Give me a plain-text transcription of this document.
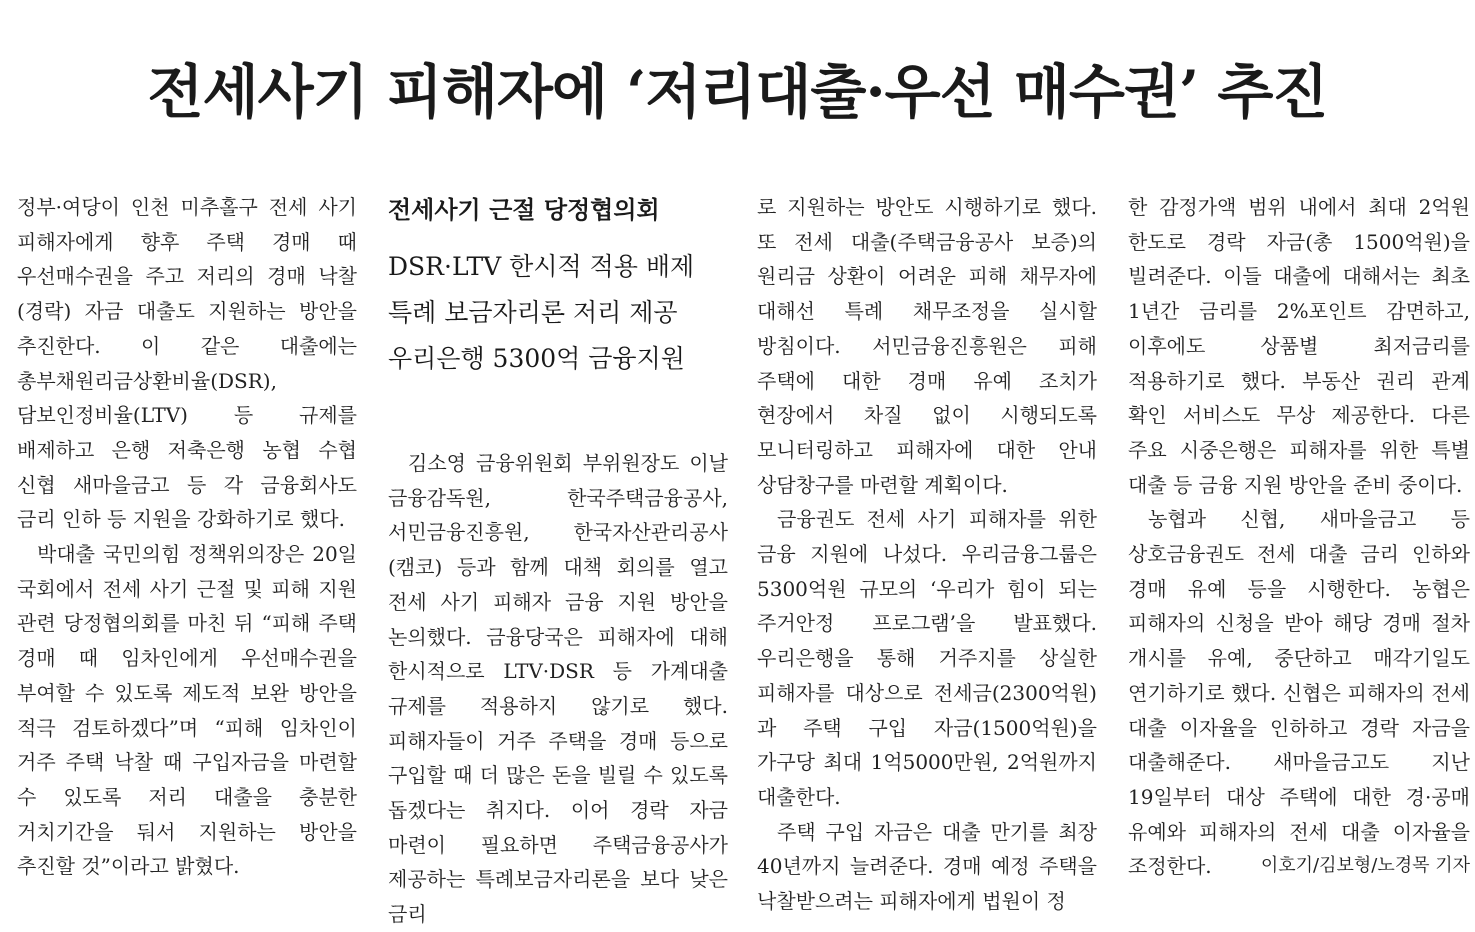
전세사기 피해자에 ‘저리대출·우선 매수권’ 추진

정부·여당이 인천 미추홀구 전세 사기 피해자에게 향후 주택 경매 때 우선매수권을 주고 저리의 경매 낙찰(경락) 자금 대출도 지원하는 방안을 추진한다. 이 같은 대출에는 총부채원리금상환비율(DSR), 담보인정비율(LTV) 등 규제를 배제하고 은행 저축은행 농협 수협 신협 새마을금고 등 각 금융회사도 금리 인하 등 지원을 강화하기로 했다.

박대출 국민의힘 정책위의장은 20일 국회에서 전세 사기 근절 및 피해 지원 관련 당정협의회를 마친 뒤 “피해 주택 경매 때 임차인에게 우선매수권을 부여할 수 있도록 제도적 보완 방안을 적극 검토하겠다”며 “피해 임차인이 거주 주택 낙찰 때 구입자금을 마련할 수 있도록 저리 대출을 충분한 거치기간을 둬서 지원하는 방안을 추진할 것”이라고 밝혔다.

전세사기 근절 당정협의회

DSR·LTV 한시적 적용 배제

특례 보금자리론 저리 제공

우리은행 5300억 금융지원

김소영 금융위원회 부위원장도 이날 금융감독원, 한국주택금융공사, 서민금융진흥원, 한국자산관리공사(캠코) 등과 함께 대책 회의를 열고 전세 사기 피해자 금융 지원 방안을 논의했다. 금융당국은 피해자에 대해 한시적으로 LTV·DSR 등 가계대출 규제를 적용하지 않기로 했다. 피해자들이 거주 주택을 경매 등으로 구입할 때 더 많은 돈을 빌릴 수 있도록 돕겠다는 취지다. 이어 경락 자금 마련이 필요하면 주택금융공사가 제공하는 특례보금자리론을 보다 낮은 금리

로 지원하는 방안도 시행하기로 했다. 또 전세 대출(주택금융공사 보증)의 원리금 상환이 어려운 피해 채무자에 대해선 특례 채무조정을 실시할 방침이다. 서민금융진흥원은 피해 주택에 대한 경매 유예 조치가 현장에서 차질 없이 시행되도록 모니터링하고 피해자에 대한 안내 상담창구를 마련할 계획이다.

금융권도 전세 사기 피해자를 위한 금융 지원에 나섰다. 우리금융그룹은 5300억원 규모의 ‘우리가 힘이 되는 주거안정 프로그램’을 발표했다. 우리은행을 통해 거주지를 상실한 피해자를 대상으로 전세금(2300억원)과 주택 구입 자금(1500억원)을 가구당 최대 1억5000만원, 2억원까지 대출한다.

주택 구입 자금은 대출 만기를 최장 40년까지 늘려준다. 경매 예정 주택을 낙찰받으려는 피해자에게 법원이 정

한 감정가액 범위 내에서 최대 2억원 한도로 경락 자금(총 1500억원)을 빌려준다. 이들 대출에 대해서는 최초 1년간 금리를 2%포인트 감면하고, 이후에도 상품별 최저금리를 적용하기로 했다. 부동산 권리 관계 확인 서비스도 무상 제공한다. 다른 주요 시중은행은 피해자를 위한 특별 대출 등 금융 지원 방안을 준비 중이다.

농협과 신협, 새마을금고 등 상호금융권도 전세 대출 금리 인하와 경매 유예 등을 시행한다. 농협은 피해자의 신청을 받아 해당 경매 절차 개시를 유예, 중단하고 매각기일도 연기하기로 했다. 신협은 피해자의 전세 대출 이자율을 인하하고 경락 자금을 대출해준다. 새마을금고도 지난 19일부터 대상 주택에 대한 경·공매 유예와 피해자의 전세 대출 이자율을 조정한다.	이호기/김보형/노경목 기자
